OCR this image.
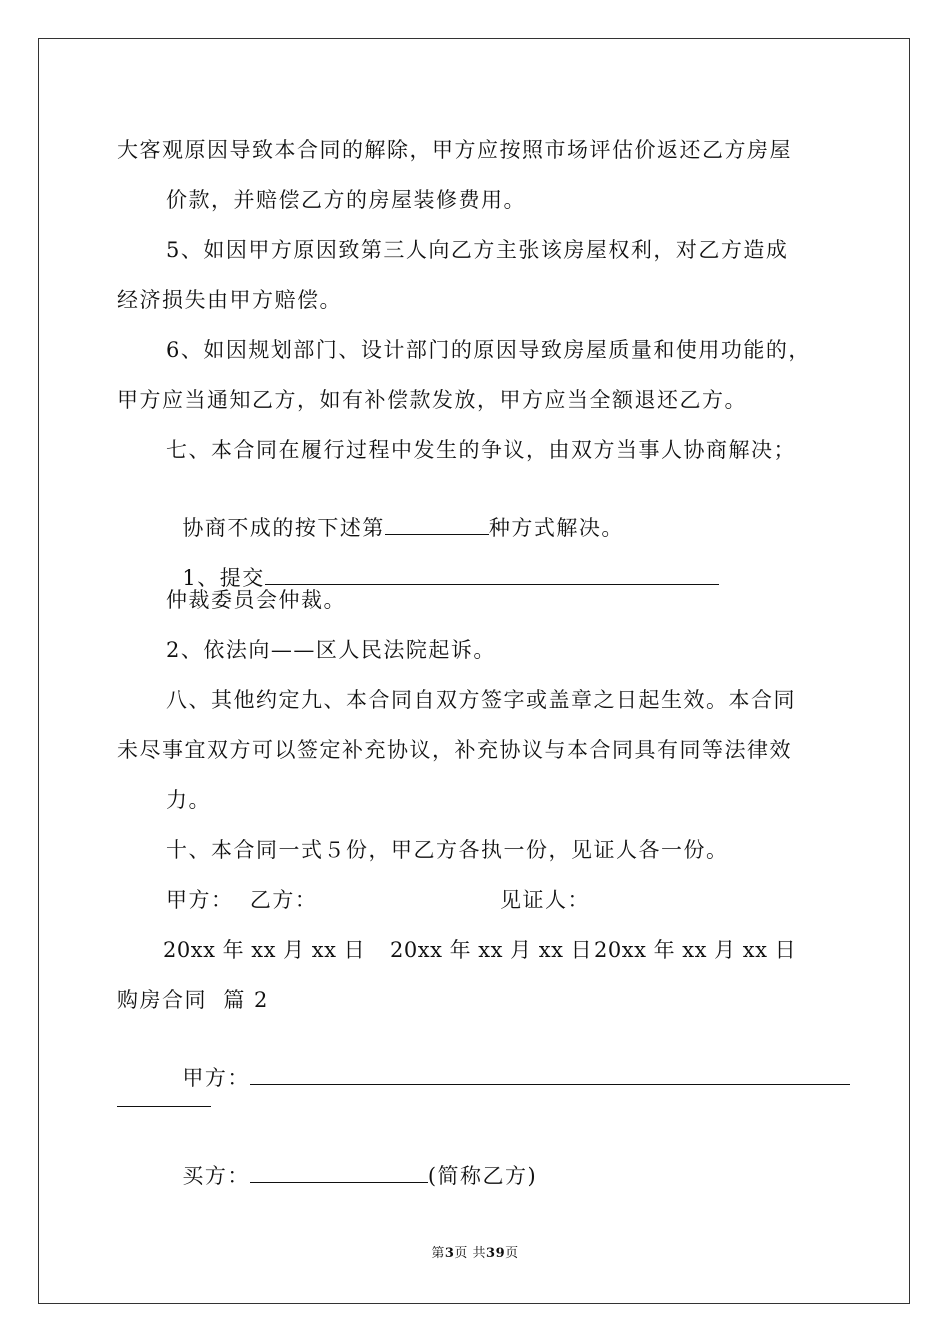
大客观原因导致本合同的解除，甲方应按照市场评估价返还乙方房屋
价款，并赔偿乙方的房屋装修费用。
5、如因甲方原因致第三人向乙方主张该房屋权利，对乙方造成
经济损失由甲方赔偿。
6、如因规划部门、设计部门的原因导致房屋质量和使用功能的，
甲方应当通知乙方，如有补偿款发放，甲方应当全额退还乙方。
七、本合同在履行过程中发生的争议，由双方当事人协商解决；

协商不成的按下述第	种方式解决。

1、提交

仲裁委员会仲裁。
2、依法向——区人民法院起诉。
八、其他约定九、本合同自双方签字或盖章之日起生效。本合同
未尽事宜双方可以签定补充协议，补充协议与本合同具有同等法律效
力。
十、本合同一式５份，甲乙方各执一份，见证人各一份。
甲方：  乙方：	见证人：
20xx 年 xx 月 xx 日 20xx 年 xx 月 xx 日 20xx 年 xx 月 xx 日
购房合同  篇 2

甲方：

买方：	(简称乙方)

第3页 共39页
